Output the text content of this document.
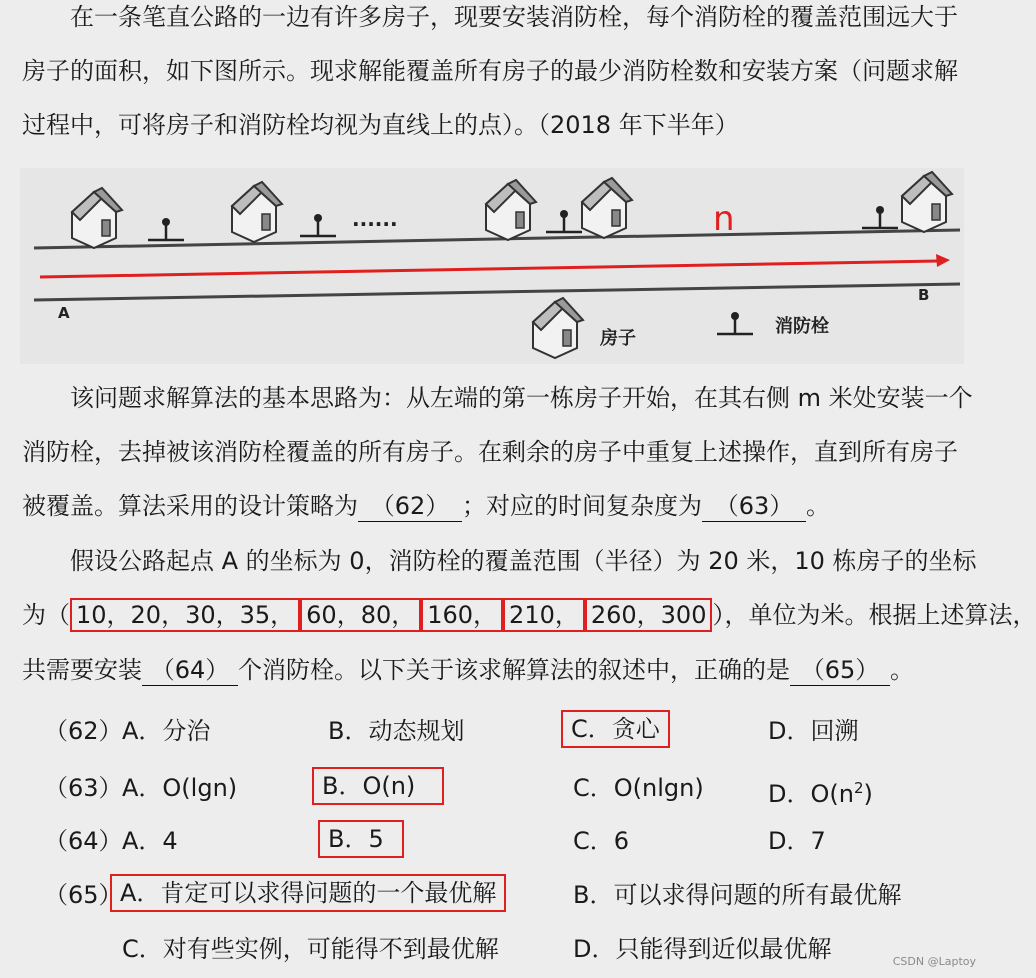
在一条笔直公路的一边有许多房子，现要安装消防栓，每个消防栓的覆盖范围远大于
房子的面积，如下图所示。现求解能覆盖所有房子的最少消防栓数和安装方案（问题求解
过程中，可将房子和消防栓均视为直线上的点）。（2018 年下半年）
......	n
A
B
房子
消防栓
该问题求解算法的基本思路为：从左端的第一栋房子开始，在其右侧 m 米处安装一个
消防栓，去掉被该消防栓覆盖的所有房子。在剩余的房子中重复上述操作，直到所有房子
被覆盖。算法采用的设计策略为 （62） ；对应的时间复杂度为 （63） 。
假设公路起点 A 的坐标为 0，消防栓的覆盖范围（半径）为 20 米，10 栋房子的坐标
为（ 10，20，30，35， 60，80， 160， 210， 260，300 ），单位为米。根据上述算法，
共需要安装 （64） 个消防栓。以下关于该求解算法的叙述中，正确的是 （65） 。
（62） A．分治	B．动态规划	C．贪心	D．回溯
（63） A．O(lgn)	B．O(n)	C．O(nlgn)	D．$O(n^2)$
（64） A．4	B．5	C．6	D．7
（65）
A．肯定可以求得问题的一个最优解	B．可以求得问题的所有最优解
C．对有些实例，可能得不到最优解	D．只能得到近似最优解	CSDN @Laptoy
